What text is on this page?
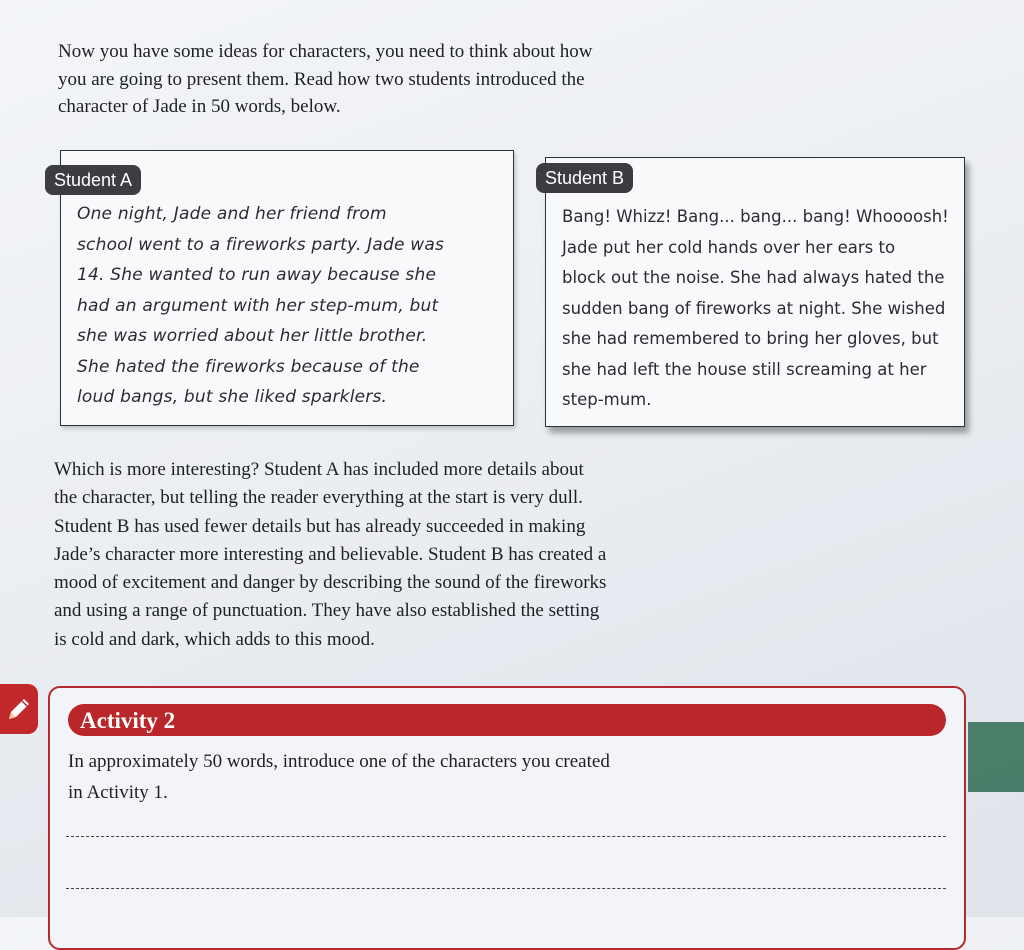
Now you have some ideas for characters, you need to think about how
you are going to present them. Read how two students introduced the
character of Jade in 50 words, below.
Student A
One night, Jade and her friend from
school went to a fireworks party. Jade was
14. She wanted to run away because she
had an argument with her step-mum, but
she was worried about her little brother.
She hated the fireworks because of the
loud bangs, but she liked sparklers.
Student B
Bang! Whizz! Bang... bang... bang! Whoooosh!
Jade put her cold hands over her ears to
block out the noise. She had always hated the
sudden bang of fireworks at night. She wished
she had remembered to bring her gloves, but
she had left the house still screaming at her
step-mum.
Which is more interesting? Student A has included more details about
the character, but telling the reader everything at the start is very dull.
Student B has used fewer details but has already succeeded in making
Jade’s character more interesting and believable. Student B has created a
mood of excitement and danger by describing the sound of the fireworks
and using a range of punctuation. They have also established the setting
is cold and dark, which adds to this mood.
Activity 2
In approximately 50 words, introduce one of the characters you created
in Activity 1.
